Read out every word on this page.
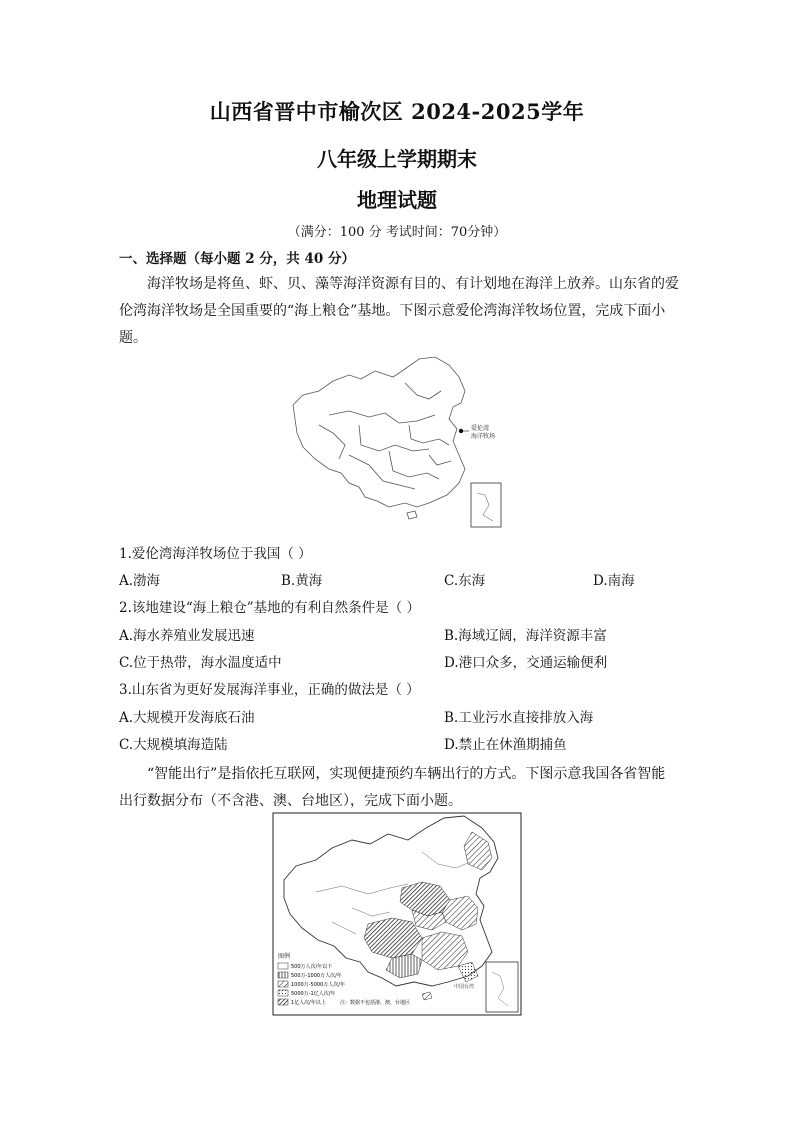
山西省晋中市榆次区 2024-2025学年
八年级上学期期末
地理试题
（满分：100 分 考试时间：70分钟）
一、选择题（每小题 2 分，共 40 分）
海洋牧场是将鱼、虾、贝、藻等海洋资源有目的、有计划地在海洋上放养。山东省的爱伦湾海洋牧场是全国重要的“海上粮仓”基地。下图示意爱伦湾海洋牧场位置，完成下面小题。
爱伦湾
海洋牧场
1.爱伦湾海洋牧场位于我国（ ）
A.渤海	B.黄海	C.东海	D.南海
2.该地建设“海上粮仓”基地的有利自然条件是（ ）
A.海水养殖业发展迅速	B.海域辽阔，海洋资源丰富
C.位于热带，海水温度适中	D.港口众多，交通运输便利
3.山东省为更好发展海洋事业，正确的做法是（ ）
A.大规模开发海底石油	B.工业污水直接排放入海
C.大规模填海造陆	D.禁止在休渔期捕鱼
“智能出行”是指依托互联网，实现便捷预约车辆出行的方式。下图示意我国各省智能出行数据分布（不含港、澳、台地区），完成下面小题。
中国台湾
图例
500万人次/年以下
500万-1000万人次/年
1000万-5000万人次/年
5000万-1亿人次/年
1亿人次/年以上	注：数据不包括港、澳、台地区
